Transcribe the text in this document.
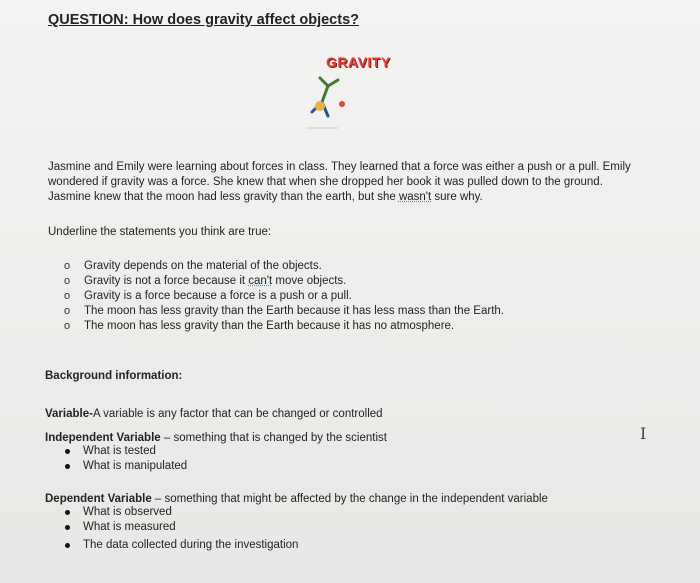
QUESTION: How does gravity affect objects?
GRAVITY
Jasmine and Emily were learning about forces in class. They learned that a force was either a push or a pull. Emily wondered if gravity was a force. She knew that when she dropped her book it was pulled down to the ground. Jasmine knew that the moon had less gravity than the earth, but she wasn't sure why.
Underline the statements you think are true:
o Gravity depends on the material of the objects.
o Gravity is not a force because it can't move objects.
o Gravity is a force because a force is a push or a pull.
o The moon has less gravity than the Earth because it has less mass than the Earth.
o The moon has less gravity than the Earth because it has no atmosphere.
Background information:
Variable-A variable is any factor that can be changed or controlled
Independent Variable – something that is changed by the scientist
What is tested
What is manipulated
Dependent Variable – something that might be affected by the change in the independent variable
What is observed
What is measured
The data collected during the investigation
I
